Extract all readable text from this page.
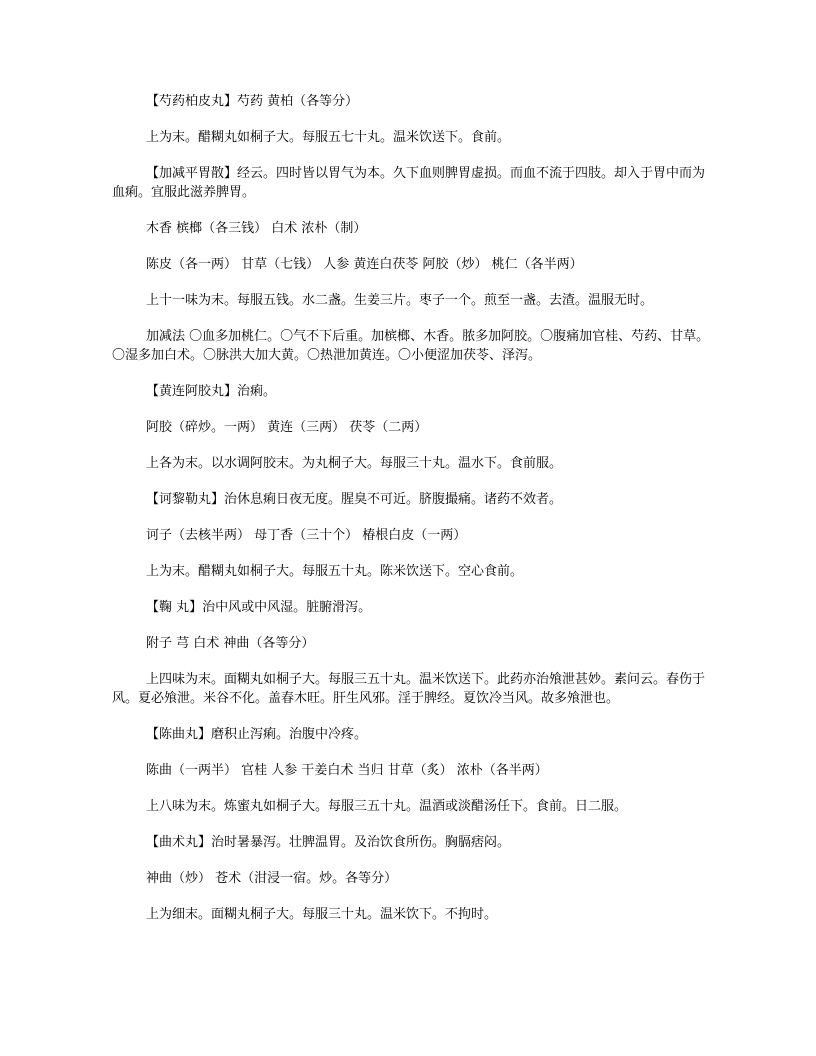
【芍药柏皮丸】芍药 黄柏（各等分）

上为末。醋糊丸如桐子大。每服五七十丸。温米饮送下。食前。

【加减平胃散】经云。四时皆以胃气为本。久下血则脾胃虚损。而血不流于四肢。却入于胃中而为血痢。宜服此滋养脾胃。

木香 槟榔（各三钱） 白术 浓朴（制）

陈皮（各一两） 甘草（七钱） 人参 黄连白茯苓 阿胶（炒） 桃仁（各半两）

上十一味为末。每服五钱。水二盏。生姜三片。枣子一个。煎至一盏。去渣。温服无时。

加减法 〇血多加桃仁。〇气不下后重。加槟榔、木香。脓多加阿胶。〇腹痛加官桂、芍药、甘草。〇湿多加白术。〇脉洪大加大黄。〇热泄加黄连。〇小便涩加茯苓、泽泻。

【黄连阿胶丸】治痢。

阿胶（碎炒。一两） 黄连（三两） 茯苓（二两）

上各为末。以水调阿胶末。为丸桐子大。每服三十丸。温水下。食前服。

【诃黎勒丸】治休息痢日夜无度。腥臭不可近。脐腹撮痛。诸药不效者。

诃子（去核半两） 母丁香（三十个） 椿根白皮（一两）

上为末。醋糊丸如桐子大。每服五十丸。陈米饮送下。空心食前。

【鞠 丸】治中风或中风湿。脏腑滑泻。

附子 芎 白术 神曲（各等分）

上四味为末。面糊丸如桐子大。每服三五十丸。温米饮送下。此药亦治飧泄甚妙。素问云。春伤于风。夏必飧泄。米谷不化。盖春木旺。肝生风邪。淫于脾经。夏饮冷当风。故多飧泄也。

【陈曲丸】磨积止泻痢。治腹中冷疼。

陈曲（一两半） 官桂 人参 干姜白术 当归 甘草（炙） 浓朴（各半两）

上八味为末。炼蜜丸如桐子大。每服三五十丸。温酒或淡醋汤任下。食前。日二服。

【曲术丸】治时暑暴泻。壮脾温胃。及治饮食所伤。胸膈痞闷。

神曲（炒） 苍术（泔浸一宿。炒。各等分）

上为细末。面糊丸桐子大。每服三十丸。温米饮下。不拘时。
